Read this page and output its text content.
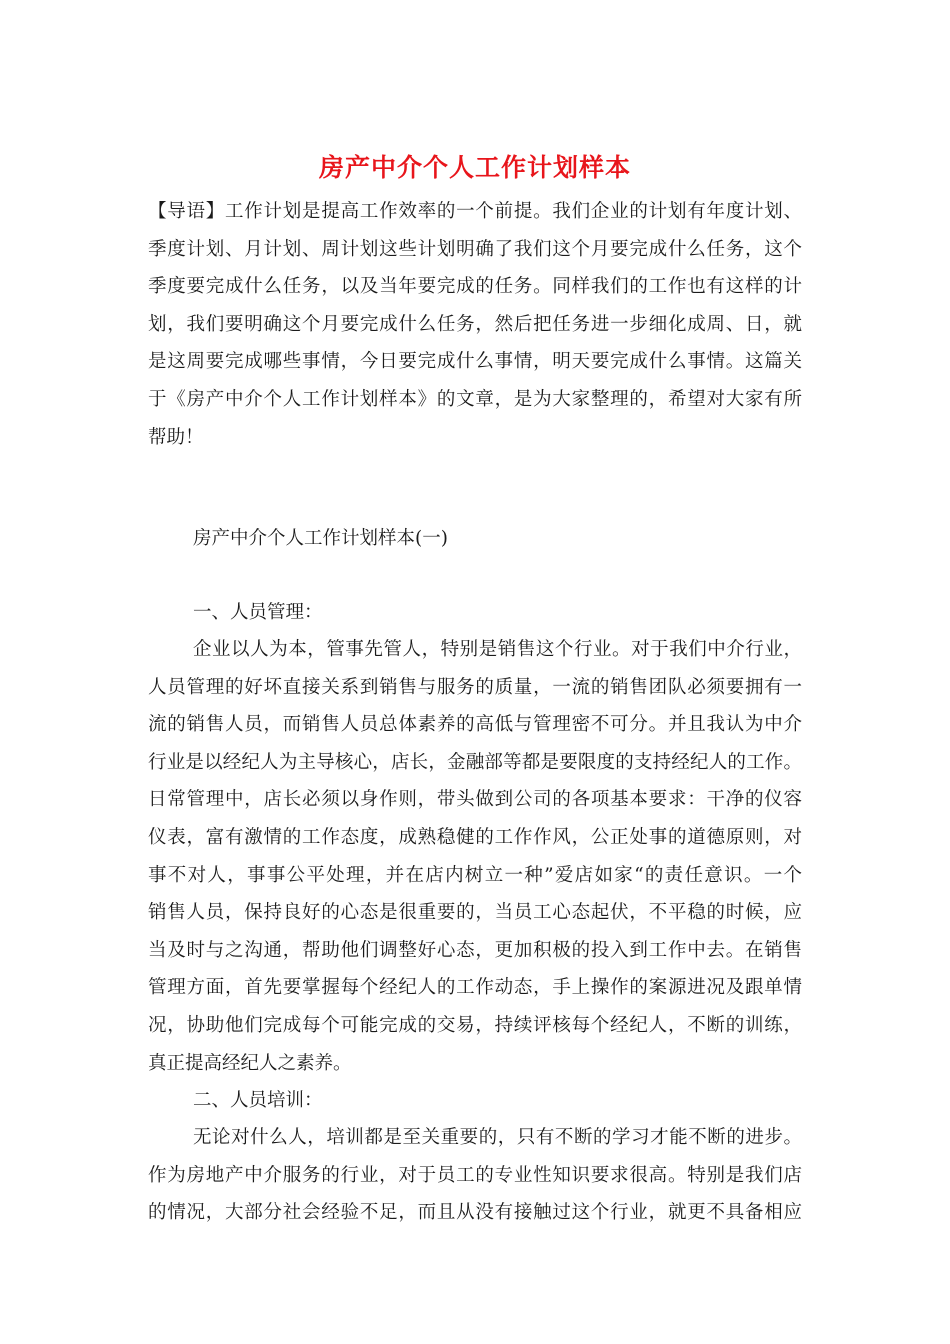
房产中介个人工作计划样本
【导语】工作计划是提高工作效率的一个前提。我们企业的计划有年度计划、
季度计划、月计划、周计划这些计划明确了我们这个月要完成什么任务，这个
季度要完成什么任务，以及当年要完成的任务。同样我们的工作也有这样的计
划，我们要明确这个月要完成什么任务，然后把任务进一步细化成周、日，就
是这周要完成哪些事情，今日要完成什么事情，明天要完成什么事情。这篇关
于《房产中介个人工作计划样本》的文章，是为大家整理的，希望对大家有所
帮助！
房产中介个人工作计划样本(一)
一、人员管理：
企业以人为本，管事先管人，特别是销售这个行业。对于我们中介行业，
人员管理的好坏直接关系到销售与服务的质量，一流的销售团队必须要拥有一
流的销售人员，而销售人员总体素养的高低与管理密不可分。并且我认为中介
行业是以经纪人为主导核心，店长，金融部等都是要限度的支持经纪人的工作。
日常管理中，店长必须以身作则，带头做到公司的各项基本要求：干净的仪容
仪表，富有激情的工作态度，成熟稳健的工作作风，公正处事的道德原则，对
事不对人，事事公平处理，并在店内树立一种”爱店如家“的责任意识。一个
销售人员，保持良好的心态是很重要的，当员工心态起伏，不平稳的时候，应
当及时与之沟通，帮助他们调整好心态，更加积极的投入到工作中去。在销售
管理方面，首先要掌握每个经纪人的工作动态，手上操作的案源进况及跟单情
况，协助他们完成每个可能完成的交易，持续评核每个经纪人，不断的训练，
真正提高经纪人之素养。
二、人员培训：
无论对什么人，培训都是至关重要的，只有不断的学习才能不断的进步。
作为房地产中介服务的行业，对于员工的专业性知识要求很高。特别是我们店
的情况，大部分社会经验不足，而且从没有接触过这个行业，就更不具备相应
